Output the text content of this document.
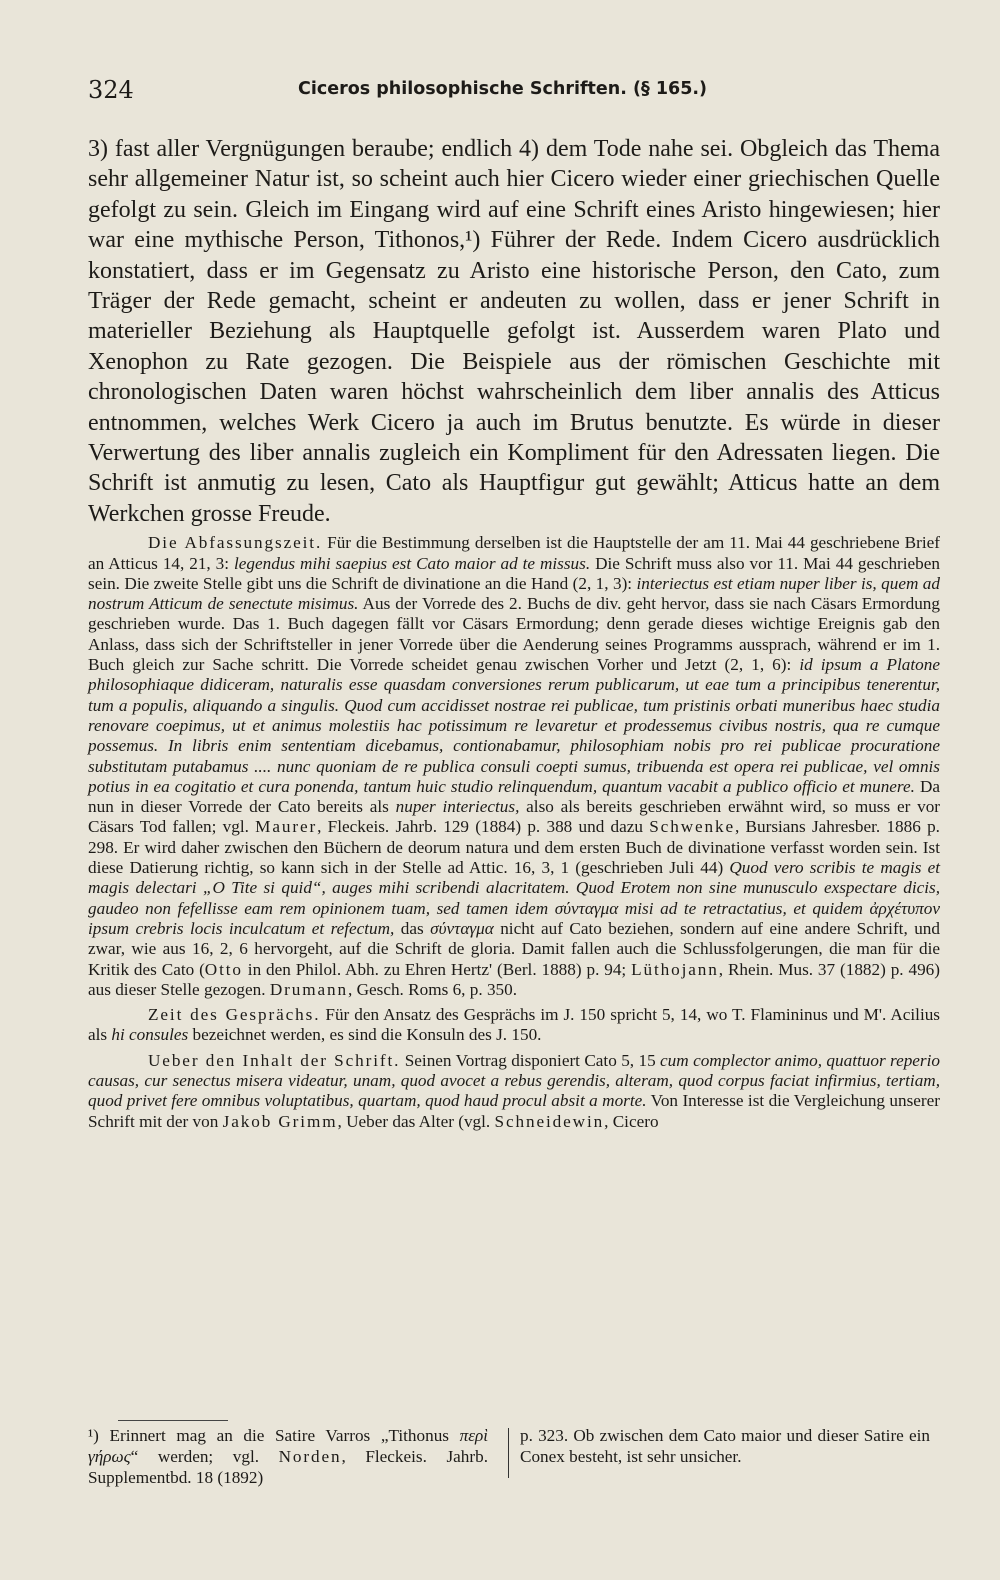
324	Ciceros philosophische Schriften. (§ 165.)

3) fast aller Vergnügungen beraube; endlich 4) dem Tode nahe sei. Obgleich das Thema sehr allgemeiner Natur ist, so scheint auch hier Cicero wieder einer griechischen Quelle gefolgt zu sein. Gleich im Eingang wird auf eine Schrift eines Aristo hingewiesen; hier war eine mythische Person, Tithonos,¹) Führer der Rede. Indem Cicero ausdrücklich konstatiert, dass er im Gegensatz zu Aristo eine historische Person, den Cato, zum Träger der Rede gemacht, scheint er andeuten zu wollen, dass er jener Schrift in materieller Beziehung als Hauptquelle gefolgt ist. Ausserdem waren Plato und Xenophon zu Rate gezogen. Die Beispiele aus der römischen Geschichte mit chronologischen Daten waren höchst wahrscheinlich dem liber annalis des Atticus entnommen, welches Werk Cicero ja auch im Brutus benutzte. Es würde in dieser Verwertung des liber annalis zugleich ein Kompliment für den Adressaten liegen. Die Schrift ist anmutig zu lesen, Cato als Hauptfigur gut gewählt; Atticus hatte an dem Werkchen grosse Freude.

Die Abfassungszeit. Für die Bestimmung derselben ist die Hauptstelle der am 11. Mai 44 geschriebene Brief an Atticus 14, 21, 3: legendus mihi saepius est Cato maior ad te missus. Die Schrift muss also vor 11. Mai 44 geschrieben sein. Die zweite Stelle gibt uns die Schrift de divinatione an die Hand (2, 1, 3): interiectus est etiam nuper liber is, quem ad nostrum Atticum de senectute misimus. Aus der Vorrede des 2. Buchs de div. geht hervor, dass sie nach Cäsars Ermordung geschrieben wurde. Das 1. Buch dagegen fällt vor Cäsars Ermordung; denn gerade dieses wichtige Ereignis gab den Anlass, dass sich der Schriftsteller in jener Vorrede über die Aenderung seines Programms aussprach, während er im 1. Buch gleich zur Sache schritt. Die Vorrede scheidet genau zwischen Vorher und Jetzt (2, 1, 6): id ipsum a Platone philosophiaque didiceram, naturalis esse quasdam conversiones rerum publicarum, ut eae tum a principibus tenerentur, tum a populis, aliquando a singulis. Quod cum accidisset nostrae rei publicae, tum pristinis orbati muneribus haec studia renovare coepimus, ut et animus molestiis hac potissimum re levaretur et prodessemus civibus nostris, qua re cumque possemus. In libris enim sententiam dicebamus, contionabamur, philosophiam nobis pro rei publicae procuratione substitutam putabamus .... nunc quoniam de re publica consuli coepti sumus, tribuenda est opera rei publicae, vel omnis potius in ea cogitatio et cura ponenda, tantum huic studio relinquendum, quantum vacabit a publico officio et munere. Da nun in dieser Vorrede der Cato bereits als nuper interiectus, also als bereits geschrieben erwähnt wird, so muss er vor Cäsars Tod fallen; vgl. Maurer, Fleckeis. Jahrb. 129 (1884) p. 388 und dazu Schwenke, Bursians Jahresber. 1886 p. 298. Er wird daher zwischen den Büchern de deorum natura und dem ersten Buch de divinatione verfasst worden sein. Ist diese Datierung richtig, so kann sich in der Stelle ad Attic. 16, 3, 1 (geschrieben Juli 44) Quod vero scribis te magis et magis delectari „O Tite si quid“, auges mihi scribendi alacritatem. Quod Erotem non sine munusculo exspectare dicis, gaudeo non fefellisse eam rem opinionem tuam, sed tamen idem σύνταγμα misi ad te retractatius, et quidem ἀρχέτυπον ipsum crebris locis inculcatum et refectum, das σύνταγμα nicht auf Cato beziehen, sondern auf eine andere Schrift, und zwar, wie aus 16, 2, 6 hervorgeht, auf die Schrift de gloria. Damit fallen auch die Schlussfolgerungen, die man für die Kritik des Cato (Otto in den Philol. Abh. zu Ehren Hertz' (Berl. 1888) p. 94; Lüthojann, Rhein. Mus. 37 (1882) p. 496) aus dieser Stelle gezogen. Drumann, Gesch. Roms 6, p. 350.

Zeit des Gesprächs. Für den Ansatz des Gesprächs im J. 150 spricht 5, 14, wo T. Flamininus und M'. Acilius als hi consules bezeichnet werden, es sind die Konsuln des J. 150.

Ueber den Inhalt der Schrift. Seinen Vortrag disponiert Cato 5, 15 cum complector animo, quattuor reperio causas, cur senectus misera videatur, unam, quod avocet a rebus gerendis, alteram, quod corpus faciat infirmius, tertiam, quod privet fere omnibus voluptatibus, quartam, quod haud procul absit a morte. Von Interesse ist die Vergleichung unserer Schrift mit der von Jakob Grimm, Ueber das Alter (vgl. Schneidewin, Cicero

¹) Erinnert mag an die Satire Varros „Tithonus περὶ γήρως“ werden; vgl. Norden, Fleckeis. Jahrb. Supplementbd. 18 (1892)
p. 323. Ob zwischen dem Cato maior und dieser Satire ein Conex besteht, ist sehr unsicher.
